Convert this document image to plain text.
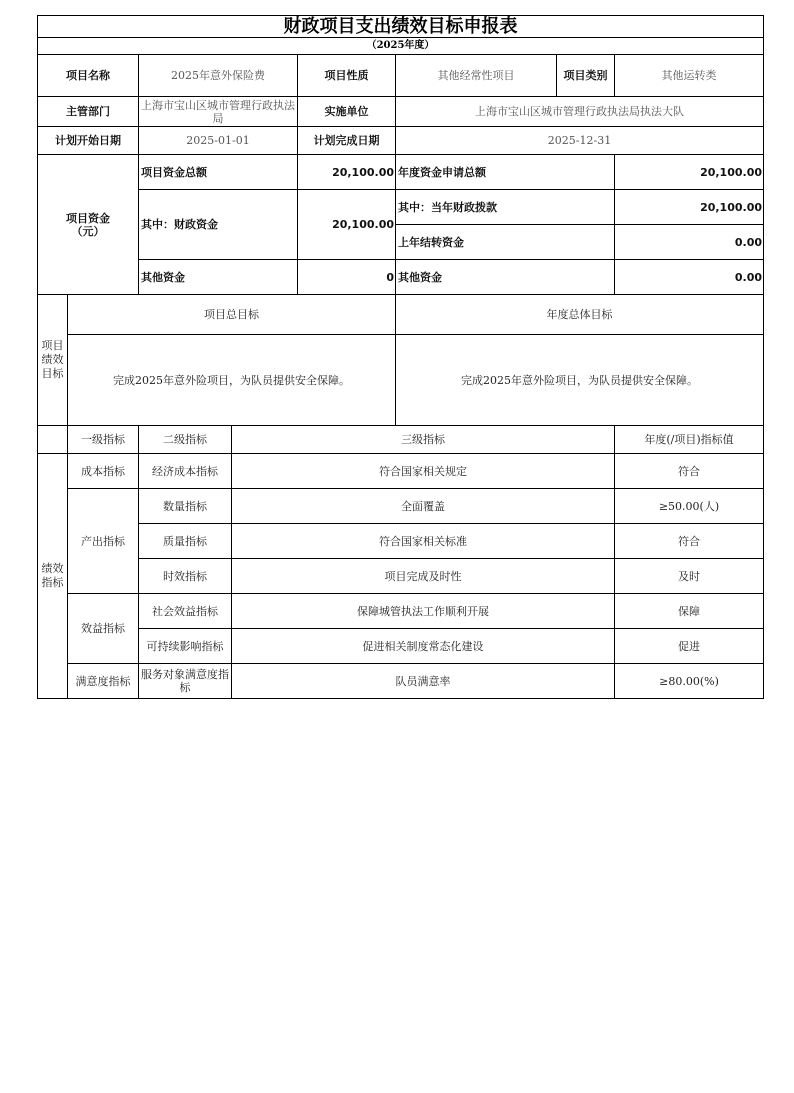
财政项目支出绩效目标申报表							
（2025年度）							
项目名称		2025年意外保险费		项目性质	其他经常性项目	项目类别	其他运转类
主管部门		上海市宝山区城市管理行政执法局		实施单位	上海市宝山区城市管理行政执法局执法大队		
计划开始日期		2025-01-01		计划完成日期	2025-12-31		
项目资金
（元）		项目资金总额		20,100.00	年度资金申请总额		20,100.00
		其中：财政资金		20,100.00	其中：当年财政拨款		20,100.00
					上年结转资金		0.00
		其他资金		0	其他资金		0.00
项目
绩效
目标	项目总目标				年度总体目标		
	完成2025年意外险项目，为队员提供安全保障。				完成2025年意外险项目，为队员提供安全保障。		
	一级指标	二级指标	三级指标				年度(/项目)指标值
绩效
指标	成本指标	经济成本指标	符合国家相关规定				符合
	产出指标	数量指标	全面覆盖				≥50.00(人)
		质量指标	符合国家相关标准				符合
		时效指标	项目完成及时性				及时
	效益指标	社会效益指标	保障城管执法工作顺利开展				保障
		可持续影响指标	促进相关制度常态化建设				促进
	满意度指标	服务对象满意度指标	队员满意率				≥80.00(%)
